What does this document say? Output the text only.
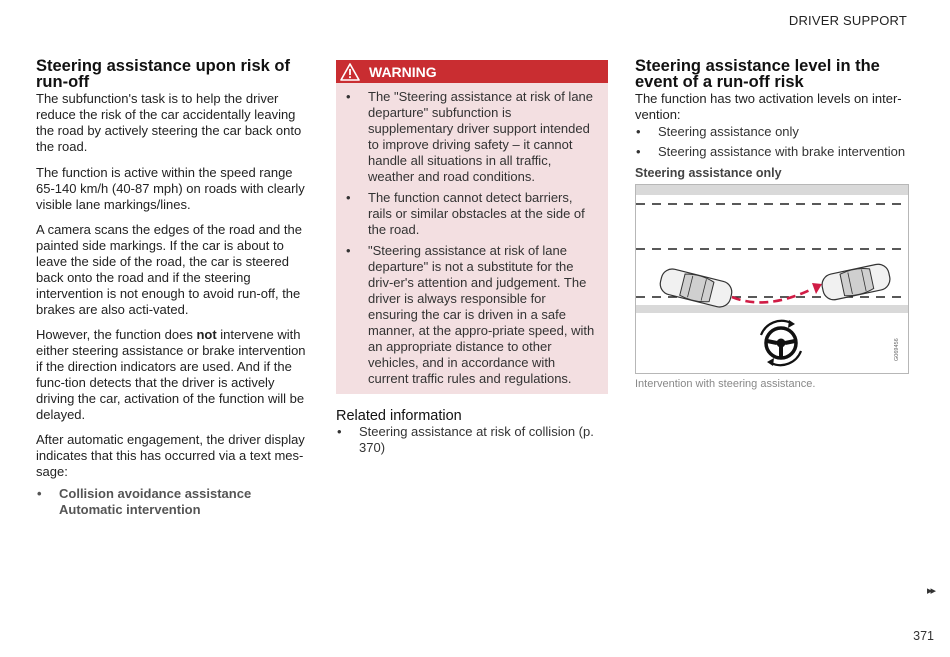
DRIVER SUPPORT
Steering assistance upon risk of run-off

The subfunction's task is to help the driver reduce the risk of the car accidentally leaving the road by actively steering the car back onto the road.

The function is active within the speed range 65-140 km/h (40-87 mph) on roads with clearly visible lane markings/lines.

A camera scans the edges of the road and the painted side markings. If the car is about to leave the side of the road, the car is steered back onto the road and if the steering intervention is not enough to avoid run-off, the brakes are also acti-vated.

However, the function does not intervene with either steering assistance or brake intervention if the direction indicators are used. And if the func-tion detects that the driver is actively driving the car, activation of the function will be delayed.

After automatic engagement, the driver display indicates that this has occurred via a text mes-sage:

• Collision avoidance assistance Automatic intervention
WARNING
• The "Steering assistance at risk of lane departure" subfunction is supplementary driver support intended to improve driving safety – it cannot handle all situations in all traffic, weather and road conditions.
• The function cannot detect barriers, rails or similar obstacles at the side of the road.
• "Steering assistance at risk of lane departure" is not a substitute for the driv-er's attention and judgement. The driver is always responsible for ensuring the car is driven in a safe manner, at the appro-priate speed, with an appropriate distance to other vehicles, and in accordance with current traffic rules and regulations.
Related information
• Steering assistance at risk of collision (p. 370)
Steering assistance level in the event of a run-off risk

The function has two activation levels on inter-vention:

• Steering assistance only
• Steering assistance with brake intervention
Steering assistance only
G069456
Intervention with steering assistance.
▸▸
371
